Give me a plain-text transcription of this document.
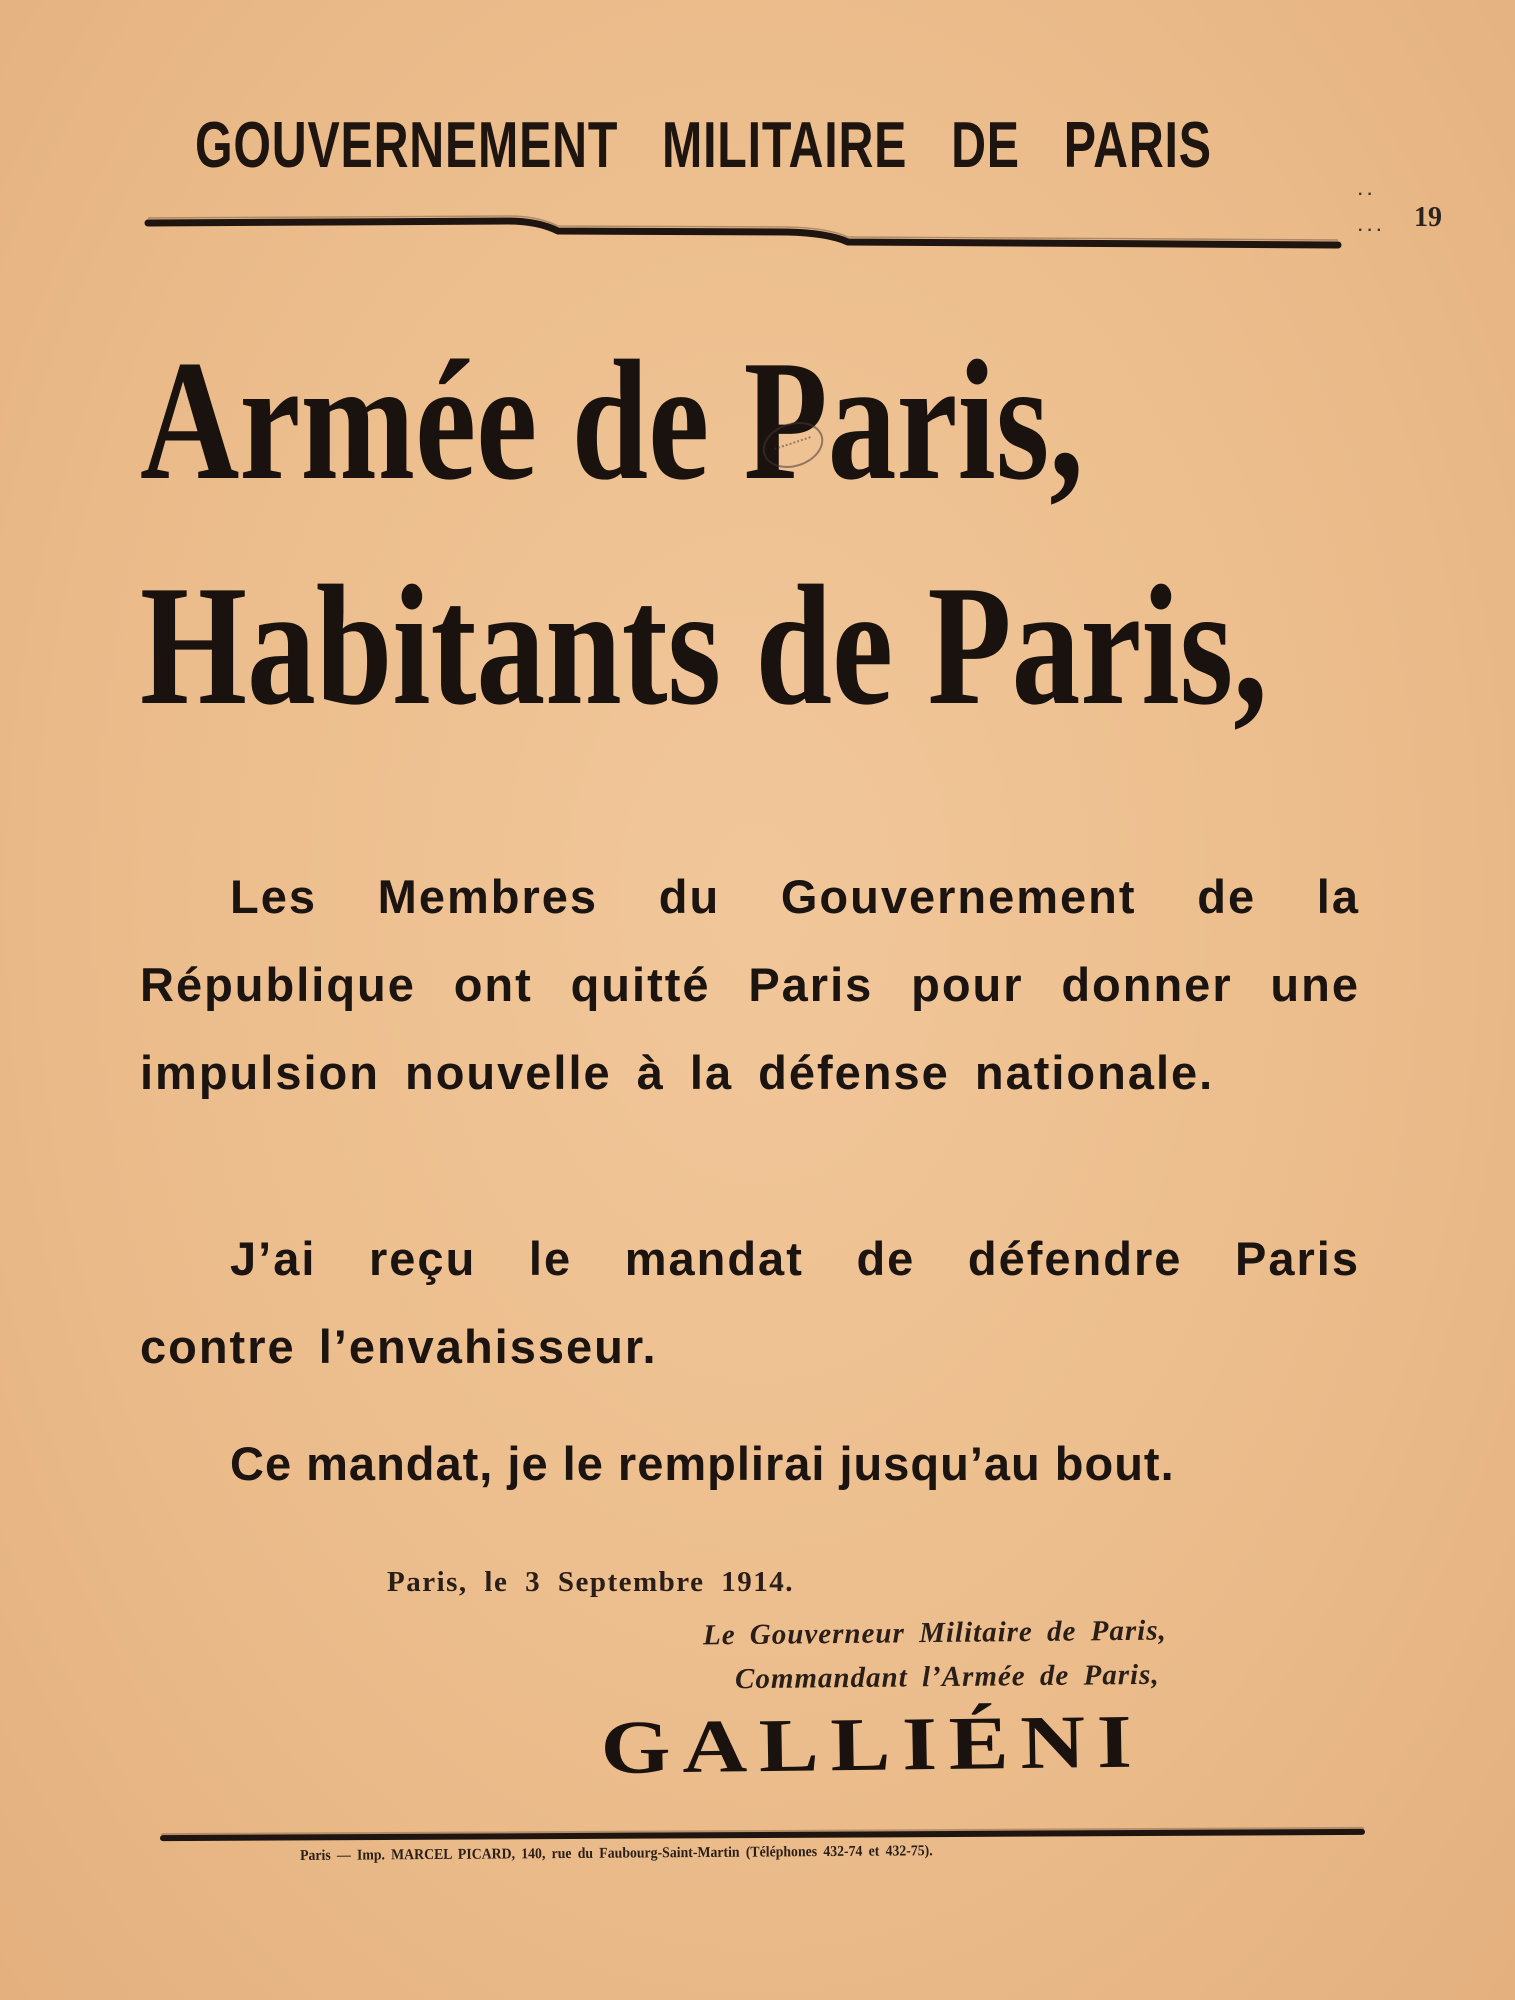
GOUVERNEMENT MILITAIRE DE PARIS
··
··· 19
Armée de Paris,
Habitants de Paris,
Les Membres du Gouvernement de la République ont quitté Paris pour donner une impulsion nouvelle à la défense nationale.
J’ai reçu le mandat de défendre Paris contre l’envahisseur.
Ce mandat, je le remplirai jusqu’au bout.
Paris, le 3 Septembre 1914.
Le Gouverneur Militaire de Paris,
Commandant l’Armée de Paris,
GALLIÉNI
Paris — Imp. MARCEL PICARD, 140, rue du Faubourg-Saint-Martin (Téléphones 432-74 et 432-75).
